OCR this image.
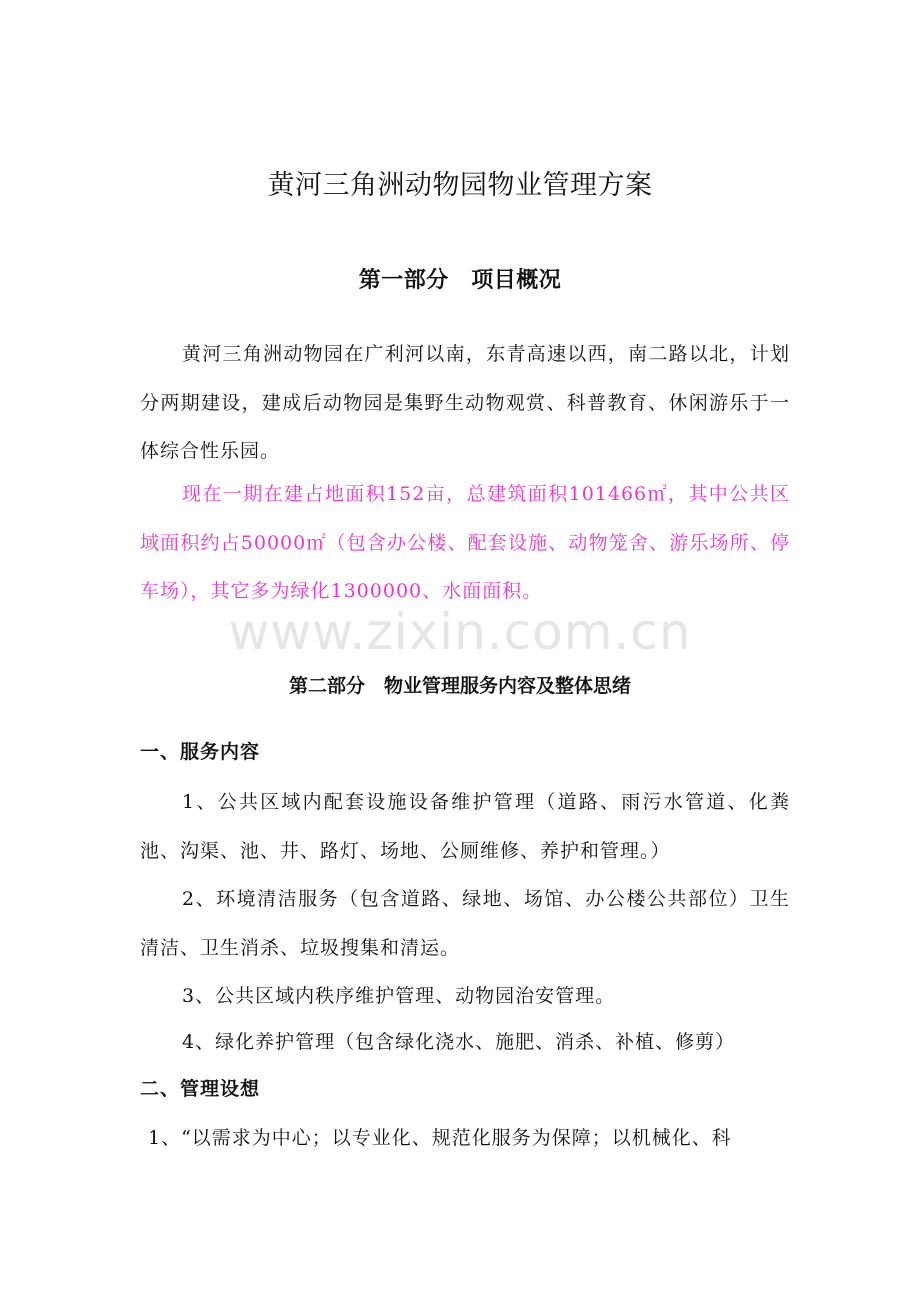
黄河三角洲动物园物业管理方案
第一部分　项目概况

黄河三角洲动物园在广利河以南，东青高速以西，南二路以北，计划分两期建设，建成后动物园是集野生动物观赏、科普教育、休闲游乐于一体综合性乐园。

现在一期在建占地面积152亩，总建筑面积101466㎡，其中公共区域面积约占50000㎡（包含办公楼、配套设施、动物笼舍、游乐场所、停车场），其它多为绿化1300000、水面面积。

www.zixin.com.cn
第二部分　物业管理服务内容及整体思绪
一、服务内容

1、公共区域内配套设施设备维护管理（道路、雨污水管道、化粪池、沟渠、池、井、路灯、场地、公厕维修、养护和管理。）

2、环境清洁服务（包含道路、绿地、场馆、办公楼公共部位）卫生清洁、卫生消杀、垃圾搜集和清运。

3、公共区域内秩序维护管理、动物园治安管理。

4、绿化养护管理（包含绿化浇水、施肥、消杀、补植、修剪）

二、管理设想
1、“以需求为中心；以专业化、规范化服务为保障；以机械化、科
